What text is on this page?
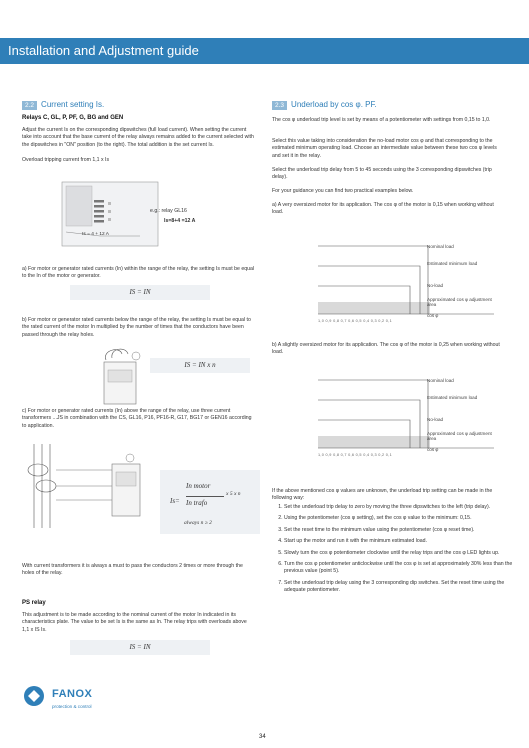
Installation and Adjustment guide
2.2 Current setting Is.
Relays C, GL, P, PF, G, BG and GEN
Adjust the current Is on the corresponding dipswitches (full load current). When setting the current take into account that the base current of the relay always remains added to the current selected with the dipswitches in "ON" position (to the right). The total addition is the set current Is.
Overload tripping current from 1,1 x Is
Is = 4 + 12 A
e.g.: relay GL16
Is=8+4 =12 A
a) For motor or generator rated currents (In) within the range of the relay, the setting Is must be equal to the In of the motor or generator.
IS = IN
b) For motor or generator rated currents below the range of the relay, the setting Is must be equal to the rated current of the motor In multiplied by the number of times that the conductors have been passed through the relay holes.
IS = IN x n
c) For motor or generator rated currents (In) above the range of the relay, use three current transformers ...JS in combination with the CS, GL16, P16, PF16-R, G17, BG17 or GEN16 according to application.
Is=
In motor
In trafo
x 5 x n
always n ≥ 2
With current transformers it is always a must to pass the conductors 2 times or more through the holes of the relay.
PS relay
This adjustment is to be made according to the nominal current of the motor In indicated in its characteristics plate. The value to be set Is is the same as In. The relay trips with overloads above 1,1 x IS Is.
IS = IN
2.3 Underload by cos φ. PF.
The cos φ underload trip level is set by means of a potentiometer with settings from 0,15 to 1,0.
Select this value taking into consideration the no-load motor cos φ and that corresponding to the estimated minimum operating load. Choose an intermediate value between these two cos φ levels and set it in the relay.
Select the underload trip delay from 5 to 45 seconds using the 3 corresponding dipswitches (trip delay).
For your guidance you can find two practical examples below.
a) A very oversized motor for its application. The cos φ of the motor is 0,15 when working without load.
Nominal load
Estimated minimum load
No-load
Approximated cos φ adjustment area
cos φ
1,0 0,9 0,8 0,7 0,6 0,5 0,4 0,3 0,2 0,1
b) A slightly oversized motor for its application. The cos φ of the motor is 0,25 when working without load.
Nominal load
Estimated minimum load
No-load
Approximated cos φ adjustment area
cos φ
1,0 0,9 0,8 0,7 0,6 0,5 0,4 0,3 0,2 0,1
If the above mentioned cos φ values are unknown, the underload trip setting can be made in the following way:
1. Set the underload trip delay to zero by moving the three dipswitches to the left (trip delay).
2. Using the potentiometer (cos φ setting), set the cos φ value to the minimum: 0,15.
3. Set the reset time to the minimum value using the potentiometer (cos φ reset time).
4. Start up the motor and run it with the minimum estimated load.
5. Slowly turn the cos φ potentiometer clockwise until the relay trips and the cos φ LED lights up.
6. Turn the cos φ potentiometer anticlockwise until the cos φ is set at approximately 30% less than the previous value (point 5).
7. Set the underload trip delay using the 3 corresponding dip switches. Set the reset time using the adequate potentiometer.
FANOX
protection & control
34
